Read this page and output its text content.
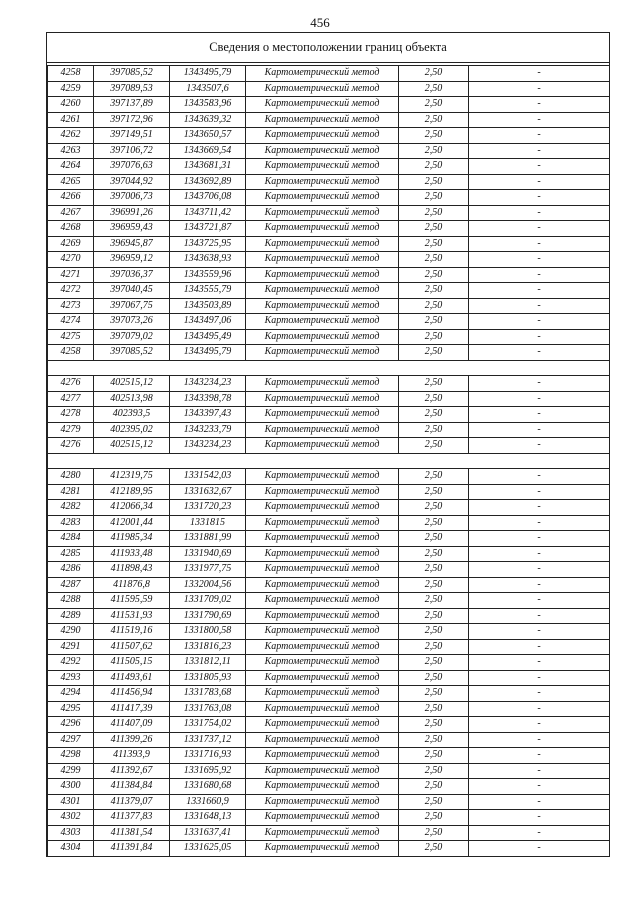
456
Сведения о местоположении границ объекта
4258	397085,52	1343495,79	Картометрический метод	2,50	-
4259	397089,53	1343507,6	Картометрический метод	2,50	-
4260	397137,89	1343583,96	Картометрический метод	2,50	-
4261	397172,96	1343639,32	Картометрический метод	2,50	-
4262	397149,51	1343650,57	Картометрический метод	2,50	-
4263	397106,72	1343669,54	Картометрический метод	2,50	-
4264	397076,63	1343681,31	Картометрический метод	2,50	-
4265	397044,92	1343692,89	Картометрический метод	2,50	-
4266	397006,73	1343706,08	Картометрический метод	2,50	-
4267	396991,26	1343711,42	Картометрический метод	2,50	-
4268	396959,43	1343721,87	Картометрический метод	2,50	-
4269	396945,87	1343725,95	Картометрический метод	2,50	-
4270	396959,12	1343638,93	Картометрический метод	2,50	-
4271	397036,37	1343559,96	Картометрический метод	2,50	-
4272	397040,45	1343555,79	Картометрический метод	2,50	-
4273	397067,75	1343503,89	Картометрический метод	2,50	-
4274	397073,26	1343497,06	Картометрический метод	2,50	-
4275	397079,02	1343495,49	Картометрический метод	2,50	-
4258	397085,52	1343495,79	Картометрический метод	2,50	-

4276	402515,12	1343234,23	Картометрический метод	2,50	-
4277	402513,98	1343398,78	Картометрический метод	2,50	-
4278	402393,5	1343397,43	Картометрический метод	2,50	-
4279	402395,02	1343233,79	Картометрический метод	2,50	-
4276	402515,12	1343234,23	Картометрический метод	2,50	-

4280	412319,75	1331542,03	Картометрический метод	2,50	-
4281	412189,95	1331632,67	Картометрический метод	2,50	-
4282	412066,34	1331720,23	Картометрический метод	2,50	-
4283	412001,44	1331815	Картометрический метод	2,50	-
4284	411985,34	1331881,99	Картометрический метод	2,50	-
4285	411933,48	1331940,69	Картометрический метод	2,50	-
4286	411898,43	1331977,75	Картометрический метод	2,50	-
4287	411876,8	1332004,56	Картометрический метод	2,50	-
4288	411595,59	1331709,02	Картометрический метод	2,50	-
4289	411531,93	1331790,69	Картометрический метод	2,50	-
4290	411519,16	1331800,58	Картометрический метод	2,50	-
4291	411507,62	1331816,23	Картометрический метод	2,50	-
4292	411505,15	1331812,11	Картометрический метод	2,50	-
4293	411493,61	1331805,93	Картометрический метод	2,50	-
4294	411456,94	1331783,68	Картометрический метод	2,50	-
4295	411417,39	1331763,08	Картометрический метод	2,50	-
4296	411407,09	1331754,02	Картометрический метод	2,50	-
4297	411399,26	1331737,12	Картометрический метод	2,50	-
4298	411393,9	1331716,93	Картометрический метод	2,50	-
4299	411392,67	1331695,92	Картометрический метод	2,50	-
4300	411384,84	1331680,68	Картометрический метод	2,50	-
4301	411379,07	1331660,9	Картометрический метод	2,50	-
4302	411377,83	1331648,13	Картометрический метод	2,50	-
4303	411381,54	1331637,41	Картометрический метод	2,50	-
4304	411391,84	1331625,05	Картометрический метод	2,50	-
